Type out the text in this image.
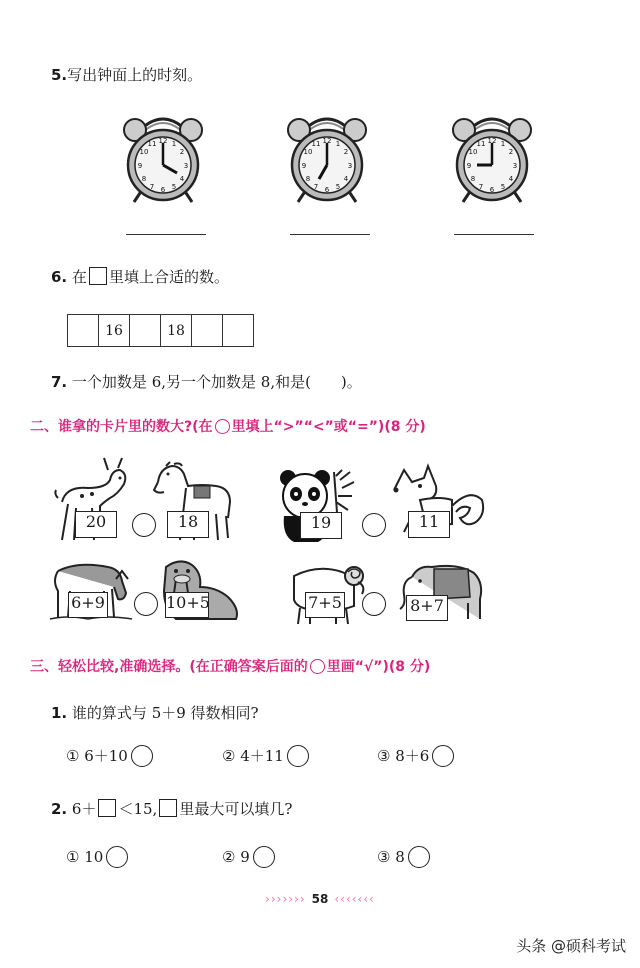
5.写出钟面上的时刻。
12 1
2
3
4
5
6
7
8
9
10
11	12 1
2
3
4
5
6
7
8
9
10
11	12 1
2
3
4
5
6
7
8
9
10
11
6. 在 里填上合适的数。
	16		18		
7. 一个加数是 6,另一个加数是 8,和是(　　)。
二、谁拿的卡片里的数大?(在 里填上“>”“<”或“=”)(8 分)
20	18	19	11
6+9	10+5	7+5	8+7
三、轻松比较,准确选择。(在正确答案后面的 里画“√”)(8 分)
1. 谁的算式与 5＋9 得数相同?
① 6＋10	② 4＋11	③ 8＋6
2. 6＋ ＜15, 里最大可以填几?
① 10	② 9	③ 8
››››››› 58 ‹‹‹‹‹‹‹
头条 @硕科考试
